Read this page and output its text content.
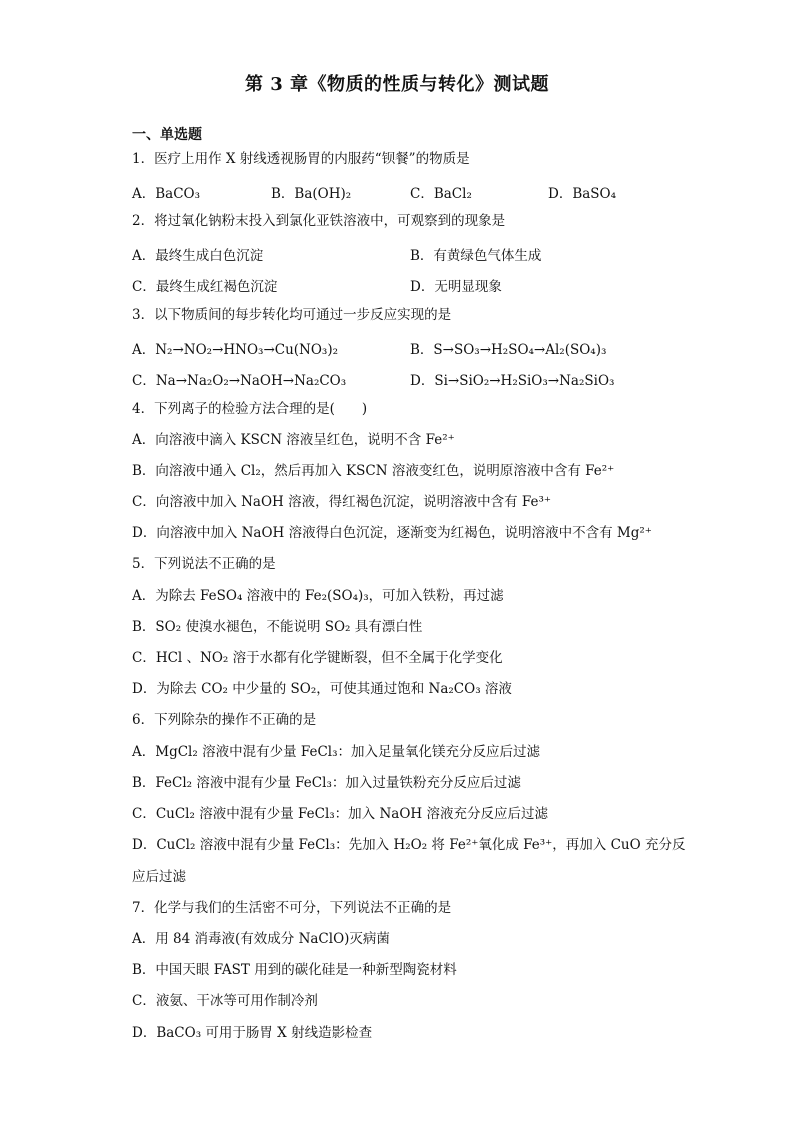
第 3 章《物质的性质与转化》测试题
一、单选题
1．医疗上用作 X 射线透视肠胃的内服药“钡餐”的物质是
A．BaCO₃	B．Ba(OH)₂	C．BaCl₂	D．BaSO₄
2．将过氧化钠粉末投入到氯化亚铁溶液中，可观察到的现象是
A．最终生成白色沉淀	B．有黄绿色气体生成
C．最终生成红褐色沉淀	D．无明显现象
3．以下物质间的每步转化均可通过一步反应实现的是
A．N₂→NO₂→HNO₃→Cu(NO₃)₂	B．S→SO₃→H₂SO₄→Al₂(SO₄)₃
C．Na→Na₂O₂→NaOH→Na₂CO₃	D．Si→SiO₂→H₂SiO₃→Na₂SiO₃
4．下列离子的检验方法合理的是(　　)
A．向溶液中滴入 KSCN 溶液呈红色，说明不含 Fe²⁺
B．向溶液中通入 Cl₂，然后再加入 KSCN 溶液变红色，说明原溶液中含有 Fe²⁺
C．向溶液中加入 NaOH 溶液，得红褐色沉淀，说明溶液中含有 Fe³⁺
D．向溶液中加入 NaOH 溶液得白色沉淀，逐渐变为红褐色，说明溶液中不含有 Mg²⁺
5．下列说法不正确的是
A．为除去 FeSO₄ 溶液中的 Fe₂(SO₄)₃，可加入铁粉，再过滤
B．SO₂ 使溴水褪色，不能说明 SO₂ 具有漂白性
C．HCl 、NO₂ 溶于水都有化学键断裂，但不全属于化学变化
D．为除去 CO₂ 中少量的 SO₂，可使其通过饱和 Na₂CO₃ 溶液
6．下列除杂的操作不正确的是
A．MgCl₂ 溶液中混有少量 FeCl₃：加入足量氧化镁充分反应后过滤
B．FeCl₂ 溶液中混有少量 FeCl₃：加入过量铁粉充分反应后过滤
C．CuCl₂ 溶液中混有少量 FeCl₃：加入 NaOH 溶液充分反应后过滤
D．CuCl₂ 溶液中混有少量 FeCl₃：先加入 H₂O₂ 将 Fe²⁺氧化成 Fe³⁺，再加入 CuO 充分反
应后过滤
7．化学与我们的生活密不可分，下列说法不正确的是
A．用 84 消毒液(有效成分 NaClO)灭病菌
B．中国天眼 FAST 用到的碳化硅是一种新型陶瓷材料
C．液氨、干冰等可用作制冷剂
D．BaCO₃ 可用于肠胃 X 射线造影检查
